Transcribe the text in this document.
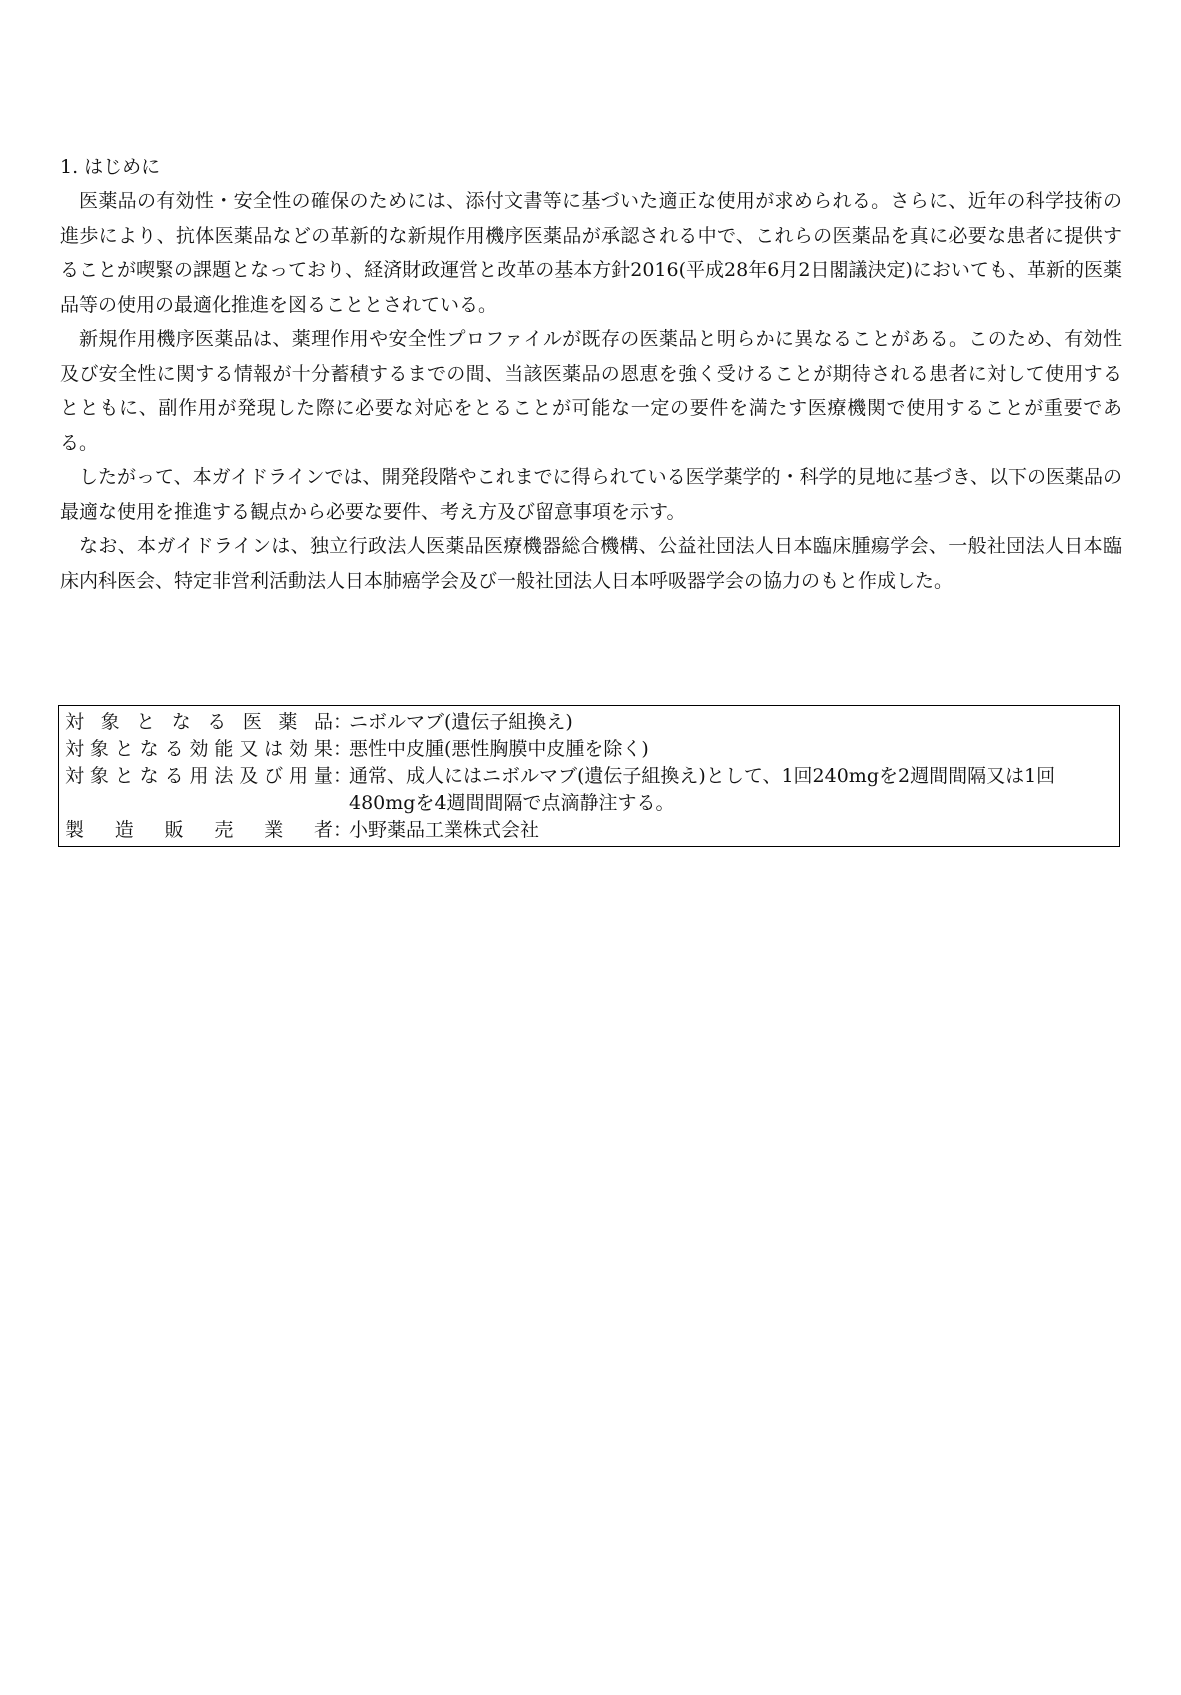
1. はじめに

医薬品の有効性・安全性の確保のためには、添付文書等に基づいた適正な使用が求められる。さらに、近年の科学技術の進歩により、抗体医薬品などの革新的な新規作用機序医薬品が承認される中で、これらの医薬品を真に必要な患者に提供することが喫緊の課題となっており、経済財政運営と改革の基本方針2016(平成28年6月2日閣議決定)においても、革新的医薬品等の使用の最適化推進を図ることとされている。

新規作用機序医薬品は、薬理作用や安全性プロファイルが既存の医薬品と明らかに異なることがある。このため、有効性及び安全性に関する情報が十分蓄積するまでの間、当該医薬品の恩恵を強く受けることが期待される患者に対して使用するとともに、副作用が発現した際に必要な対応をとることが可能な一定の要件を満たす医療機関で使用することが重要である。

したがって、本ガイドラインでは、開発段階やこれまでに得られている医学薬学的・科学的見地に基づき、以下の医薬品の最適な使用を推進する観点から必要な要件、考え方及び留意事項を示す。

なお、本ガイドラインは、独立行政法人医薬品医療機器総合機構、公益社団法人日本臨床腫瘍学会、一般社団法人日本臨床内科医会、特定非営利活動法人日本肺癌学会及び一般社団法人日本呼吸器学会の協力のもと作成した。

対 象 と な る 医 薬 品 ：
ニボルマブ(遺伝子組換え)
対 象 と な る 効 能 又 は 効 果 ：
悪性中皮腫(悪性胸膜中皮腫を除く)
対 象 と な る 用 法 及 び 用 量 ：
通常、成人にはニボルマブ(遺伝子組換え)として、1回240mgを2週間間隔又は1回480mgを4週間間隔で点滴静注する。
製 造 販 売 業 者 ：
小野薬品工業株式会社
